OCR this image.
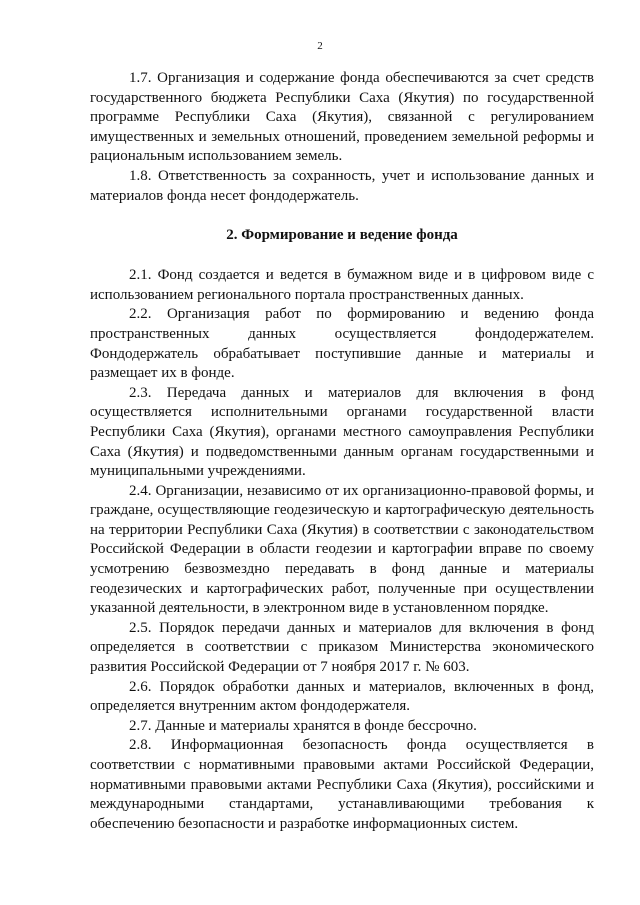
2

1.7. Организация и содержание фонда обеспечиваются за счет средств государственного бюджета Республики Саха (Якутия) по государственной программе Республики Саха (Якутия), связанной с регулированием имущественных и земельных отношений, проведением земельной реформы и рациональным использованием земель.

1.8. Ответственность за сохранность, учет и использование данных и материалов фонда несет фондодержатель.

2. Формирование и ведение фонда

2.1. Фонд создается и ведется в бумажном виде и в цифровом виде с использованием регионального портала пространственных данных.

2.2. Организация работ по формированию и ведению фонда пространственных данных осуществляется фондодержателем. Фондодержатель обрабатывает поступившие данные и материалы и размещает их в фонде.

2.3. Передача данных и материалов для включения в фонд осуществляется исполнительными органами государственной власти Республики Саха (Якутия), органами местного самоуправления Республики Саха (Якутия) и подведомственными данным органам государственными и муниципальными учреждениями.

2.4. Организации, независимо от их организационно-правовой формы, и граждане, осуществляющие геодезическую и картографическую деятельность на территории Республики Саха (Якутия) в соответствии с законодательством Российской Федерации в области геодезии и картографии вправе по своему усмотрению безвозмездно передавать в фонд данные и материалы геодезических и картографических работ, полученные при осуществлении указанной деятельности, в электронном виде в установленном порядке.

2.5. Порядок передачи данных и материалов для включения в фонд определяется в соответствии с приказом Министерства экономического развития Российской Федерации от 7 ноября 2017 г. № 603.

2.6. Порядок обработки данных и материалов, включенных в фонд, определяется внутренним актом фондодержателя.

2.7. Данные и материалы хранятся в фонде бессрочно.

2.8. Информационная безопасность фонда осуществляется в соответствии с нормативными правовыми актами Российской Федерации, нормативными правовыми актами Республики Саха (Якутия), российскими и международными стандартами, устанавливающими требования к обеспечению безопасности и разработке информационных систем.
